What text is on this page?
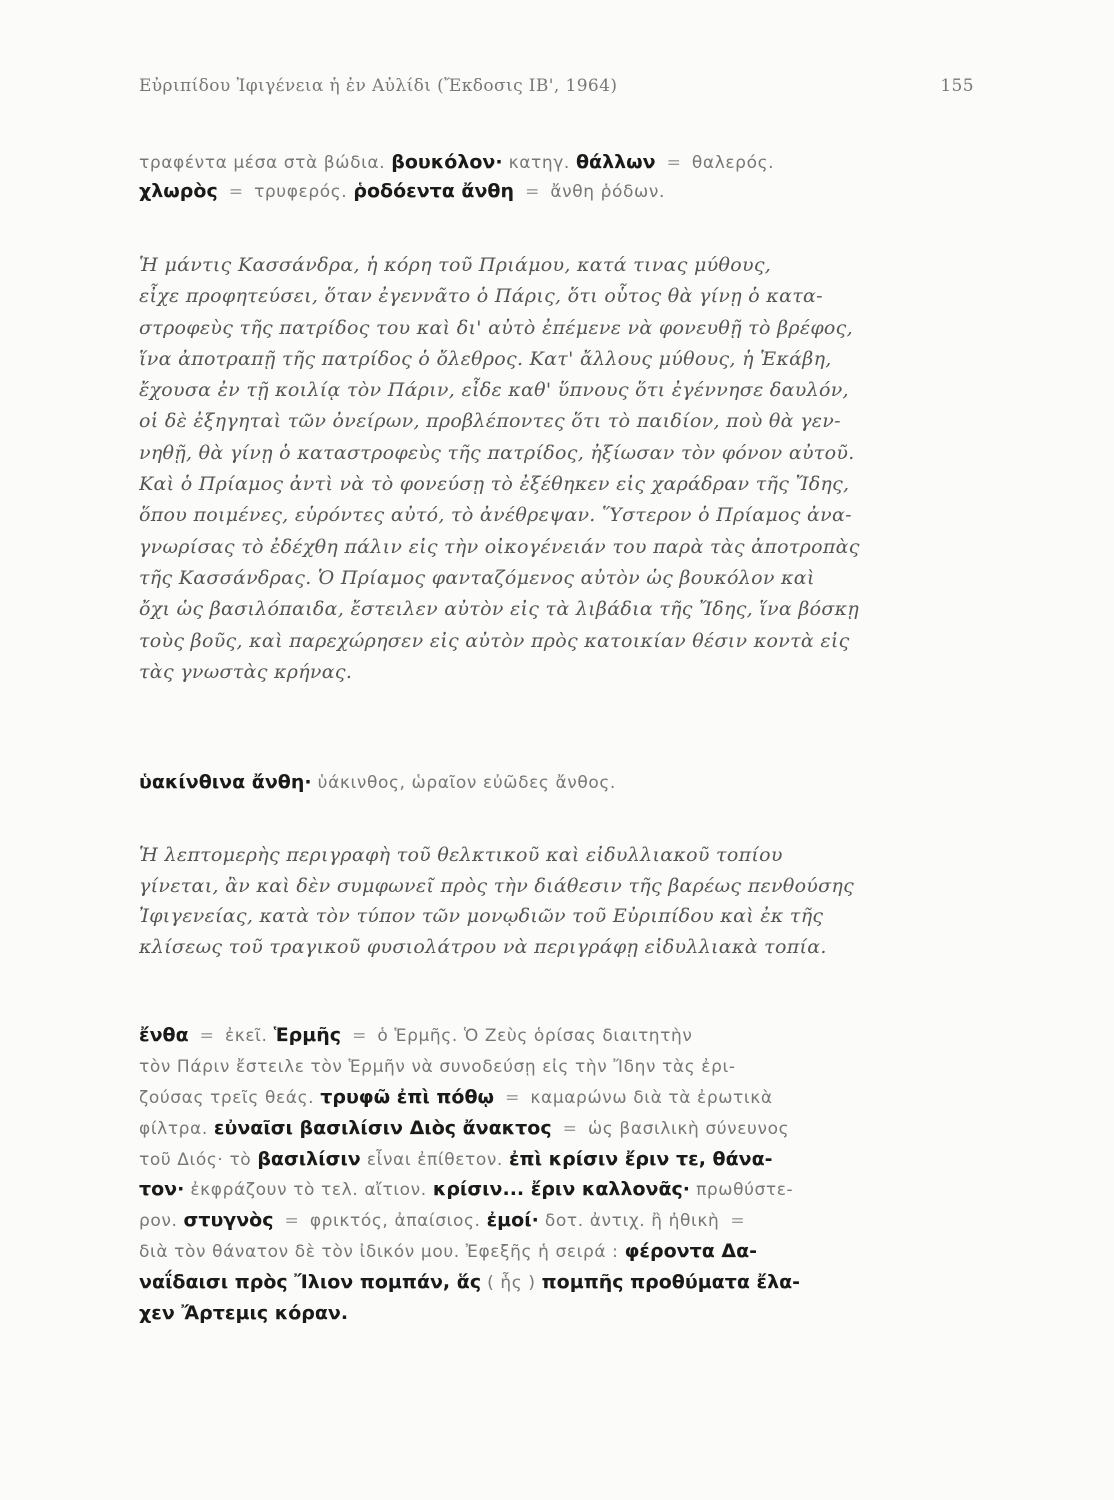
Εὐριπίδου Ἰφιγένεια ἡ ἐν Αὐλίδι (Ἔκδοσις ΙΒ', 1964)	155
τραφέντα μέσα στὰ βώδια. βουκόλον· κατηγ. θάλλων = θαλερός.
χλωρὸς = τρυφερός. ῥοδόεντα ἄνθη = ἄνθη ῥόδων.
Ἡ μάντις Κασσάνδρα, ἡ κόρη τοῦ Πριάμου, κατά τινας μύθους,
εἶχε προφητεύσει, ὅταν ἐγεννᾶτο ὁ Πάρις, ὅτι οὗτος θὰ γίνῃ ὁ κατα-
στροφεὺς τῆς πατρίδος του καὶ δι' αὐτὸ ἐπέμενε νὰ φονευθῇ τὸ βρέφος,
ἵνα ἀποτραπῇ τῆς πατρίδος ὁ ὄλεθρος. Κατ' ἄλλους μύθους, ἡ Ἑκάβη,
ἔχουσα ἐν τῇ κοιλίᾳ τὸν Πάριν, εἶδε καθ' ὕπνους ὅτι ἐγέννησε δαυλόν,
οἱ δὲ ἐξηγηταὶ τῶν ὀνείρων, προβλέποντες ὅτι τὸ παιδίον, ποὺ θὰ γεν-
νηθῇ, θὰ γίνῃ ὁ καταστροφεὺς τῆς πατρίδος, ἠξίωσαν τὸν φόνον αὐτοῦ.
Καὶ ὁ Πρίαμος ἀντὶ νὰ τὸ φονεύσῃ τὸ ἐξέθηκεν εἰς χαράδραν τῆς Ἴδης,
ὅπου ποιμένες, εὑρόντες αὐτό, τὸ ἀνέθρεψαν. Ὕστερον ὁ Πρίαμος ἀνα-
γνωρίσας τὸ ἐδέχθη πάλιν εἰς τὴν οἰκογένειάν του παρὰ τὰς ἀποτροπὰς
τῆς Κασσάνδρας. Ὁ Πρίαμος φανταζόμενος αὐτὸν ὡς βουκόλον καὶ
ὄχι ὡς βασιλόπαιδα, ἔστειλεν αὐτὸν εἰς τὰ λιβάδια τῆς Ἴδης, ἵνα βόσκῃ
τοὺς βοῦς, καὶ παρεχώρησεν εἰς αὐτὸν πρὸς κατοικίαν θέσιν κοντὰ εἰς
τὰς γνωστὰς κρήνας.
ὑακίνθινα ἄνθη· ὑάκινθος, ὡραῖον εὐῶδες ἄνθος.
Ἡ λεπτομερὴς περιγραφὴ τοῦ θελκτικοῦ καὶ εἰδυλλιακοῦ τοπίου
γίνεται, ἂν καὶ δὲν συμφωνεῖ πρὸς τὴν διάθεσιν τῆς βαρέως πενθούσης
Ἰφιγενείας, κατὰ τὸν τύπον τῶν μονῳδιῶν τοῦ Εὐριπίδου καὶ ἐκ τῆς
κλίσεως τοῦ τραγικοῦ φυσιολάτρου νὰ περιγράφῃ εἰδυλλιακὰ τοπία.
ἔνθα = ἐκεῖ. Ἑρμῆς = ὁ Ἑρμῆς. Ὁ Ζεὺς ὁρίσας διαιτητὴν
τὸν Πάριν ἔστειλε τὸν Ἑρμῆν νὰ συνοδεύσῃ εἰς τὴν Ἴδην τὰς ἐρι-
ζούσας τρεῖς θεάς. τρυφῶ ἐπὶ πόθῳ = καμαρώνω διὰ τὰ ἐρωτικὰ
φίλτρα. εὐναῖσι βασιλίσιν Διὸς ἄνακτος = ὡς βασιλικὴ σύνευνος
τοῦ Διός· τὸ βασιλίσιν εἶναι ἐπίθετον. ἐπὶ κρίσιν ἔριν τε, θάνα-
τον· ἐκφράζουν τὸ τελ. αἴτιον. κρίσιν... ἔριν καλλονᾶς· πρωθύστε-
ρον. στυγνὸς = φρικτός, ἀπαίσιος. ἐμοί· δοτ. ἀντιχ. ἢ ἠθικὴ =
διὰ τὸν θάνατον δὲ τὸν ἰδικόν μου. Ἐφεξῆς ἡ σειρά : φέροντα Δα-
ναΐδαισι πρὸς Ἴλιον πομπάν, ἅς ( ἧς ) πομπῆς προθύματα ἔλα-
χεν Ἄρτεμις κόραν.
